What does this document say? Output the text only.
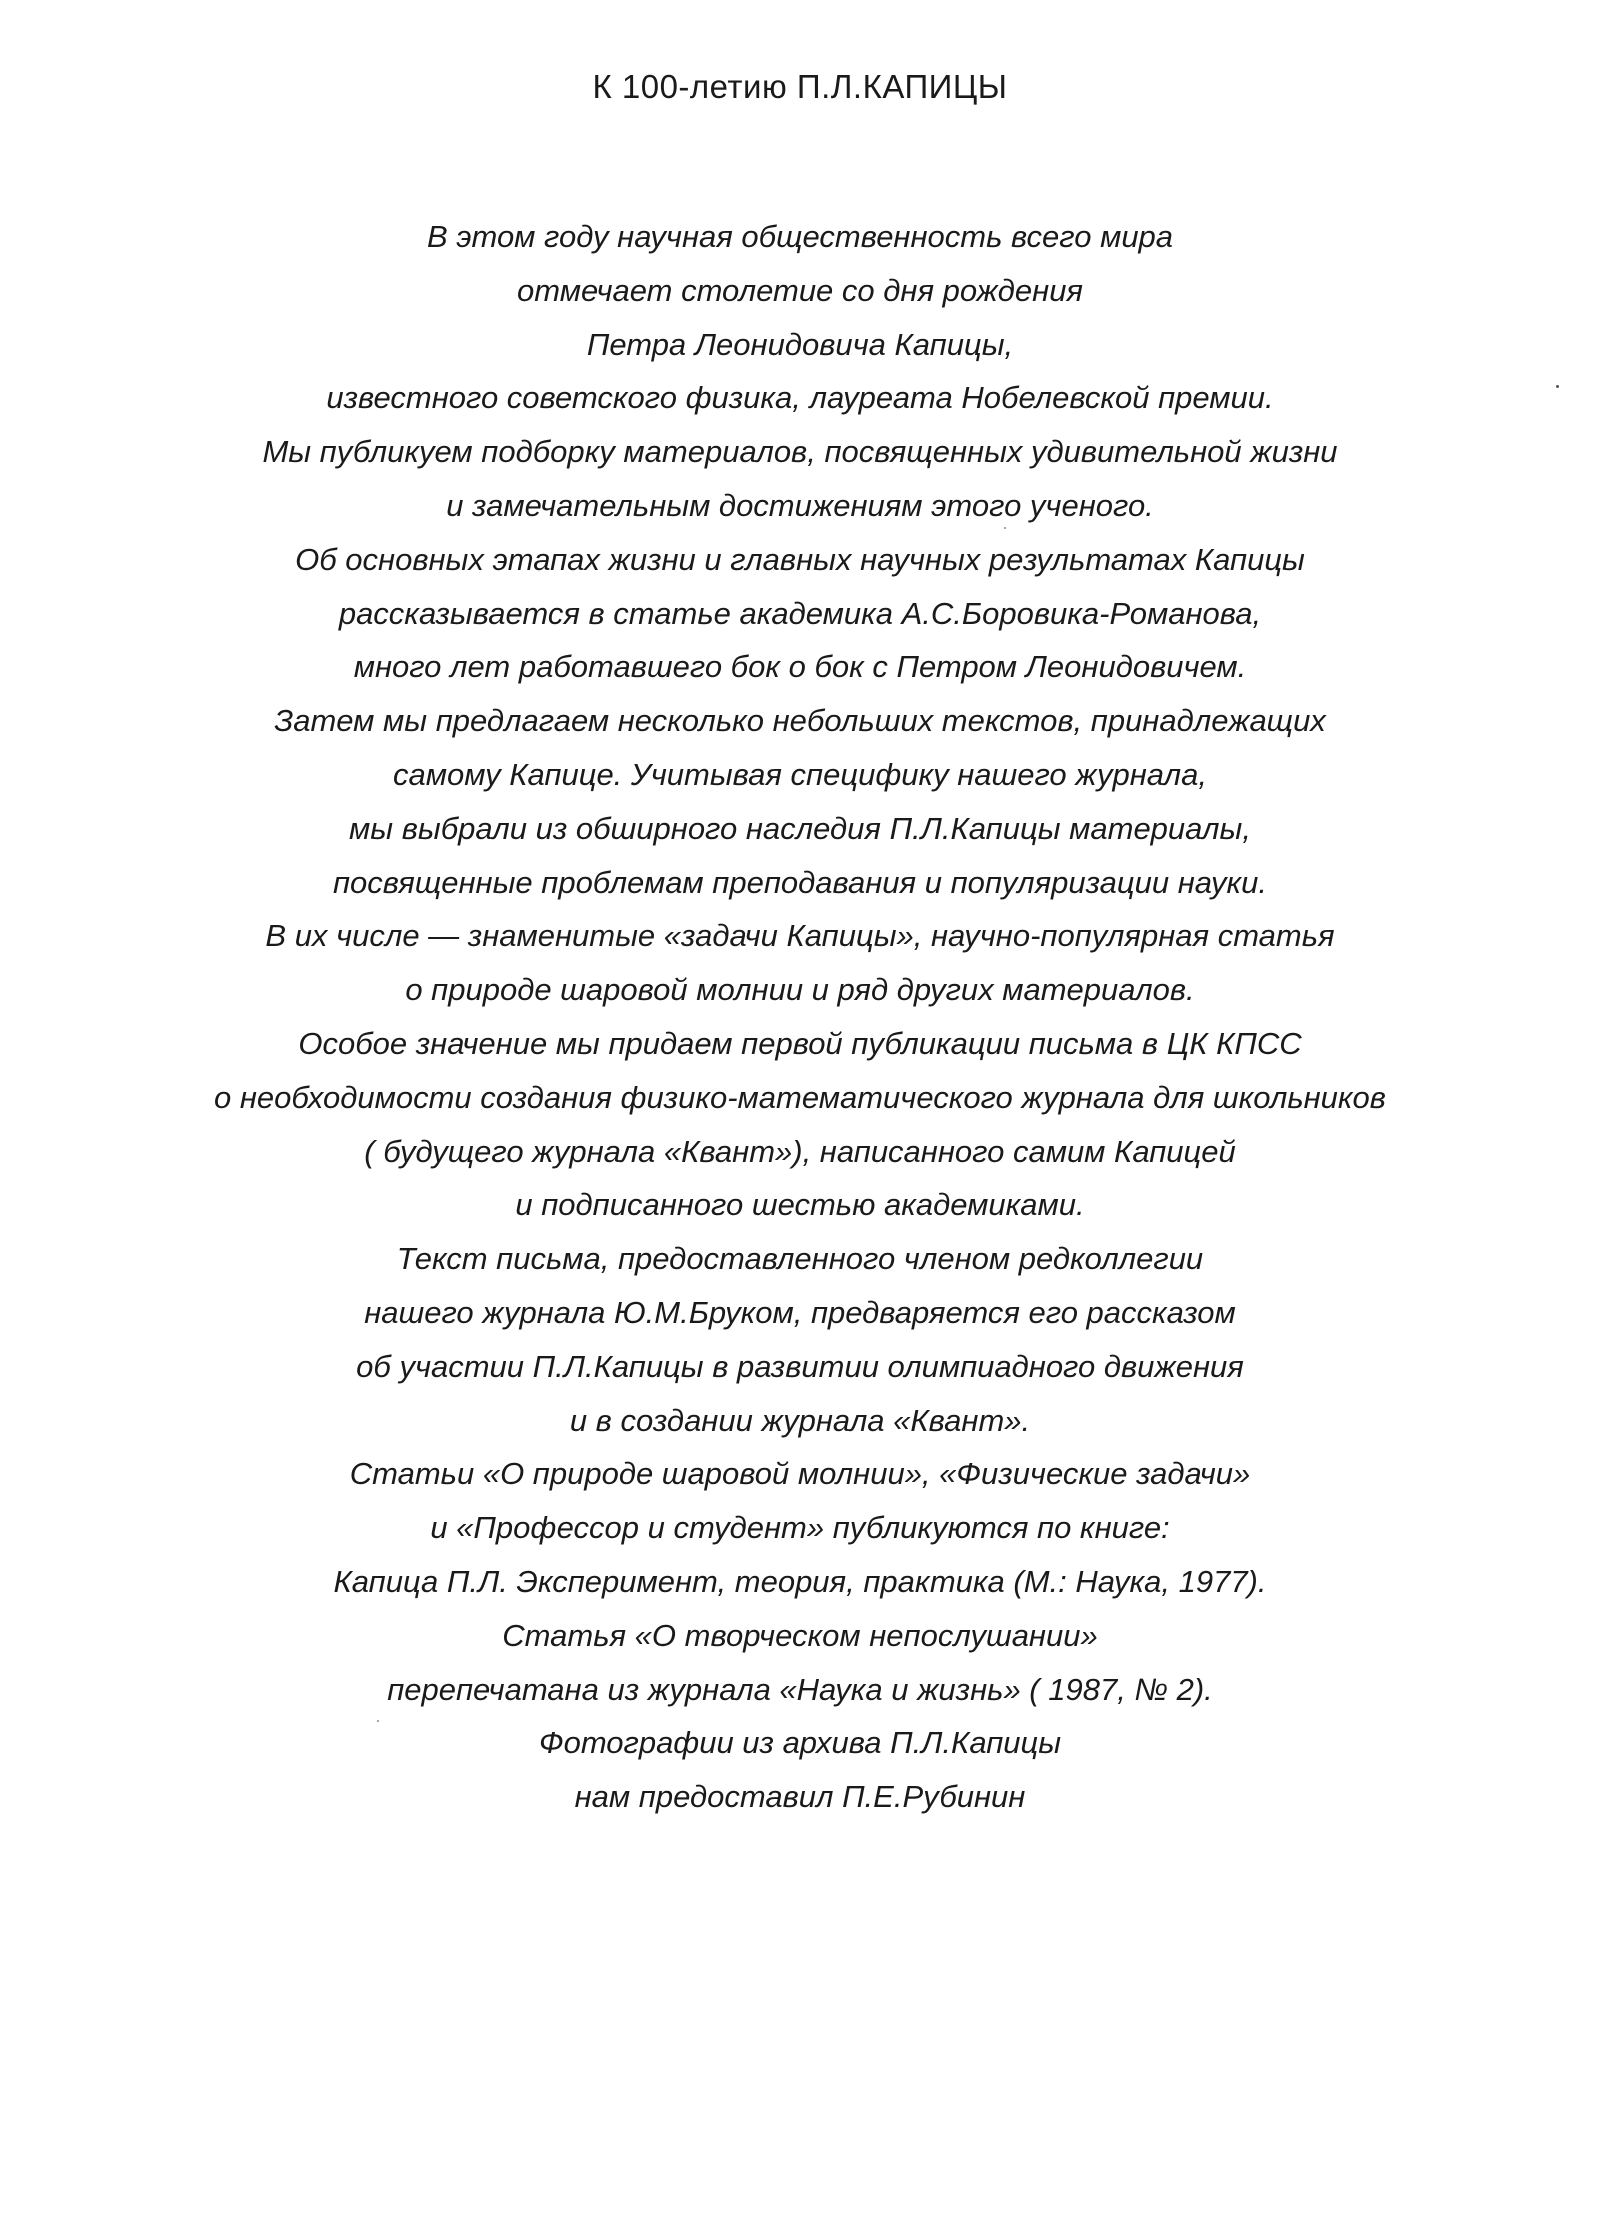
К 100-летию П.Л.КАПИЦЫ
В этом году научная общественность всего мира
отмечает столетие со дня рождения
Петра Леонидовича Капицы,
известного советского физика, лауреата Нобелевской премии.
Мы публикуем подборку материалов, посвященных удивительной жизни
и замечательным достижениям этого ученого.
Об основных этапах жизни и главных научных результатах Капицы
рассказывается в статье академика А.С.Боровика-Романова,
много лет работавшего бок о бок с Петром Леонидовичем.
Затем мы предлагаем несколько небольших текстов, принадлежащих
самому Капице. Учитывая специфику нашего журнала,
мы выбрали из обширного наследия П.Л.Капицы материалы,
посвященные проблемам преподавания и популяризации науки.
В их числе — знаменитые «задачи Капицы», научно-популярная статья
о природе шаровой молнии и ряд других материалов.
Особое значение мы придаем первой публикации письма в ЦК КПСС
о необходимости создания физико-математического журнала для школьников
( будущего журнала «Квант»), написанного самим Капицей
и подписанного шестью академиками.
Текст письма, предоставленного членом редколлегии
нашего журнала Ю.М.Бруком, предваряется его рассказом
об участии П.Л.Капицы в развитии олимпиадного движения
и в создании журнала «Квант».
Статьи «О природе шаровой молнии», «Физические задачи»
и «Профессор и студент» публикуются по книге:
Капица П.Л. Эксперимент, теория, практика (М.: Наука, 1977).
Статья «О творческом непослушании»
перепечатана из журнала «Наука и жизнь» ( 1987, № 2).
Фотографии из архива П.Л.Капицы
нам предоставил П.Е.Рубинин
